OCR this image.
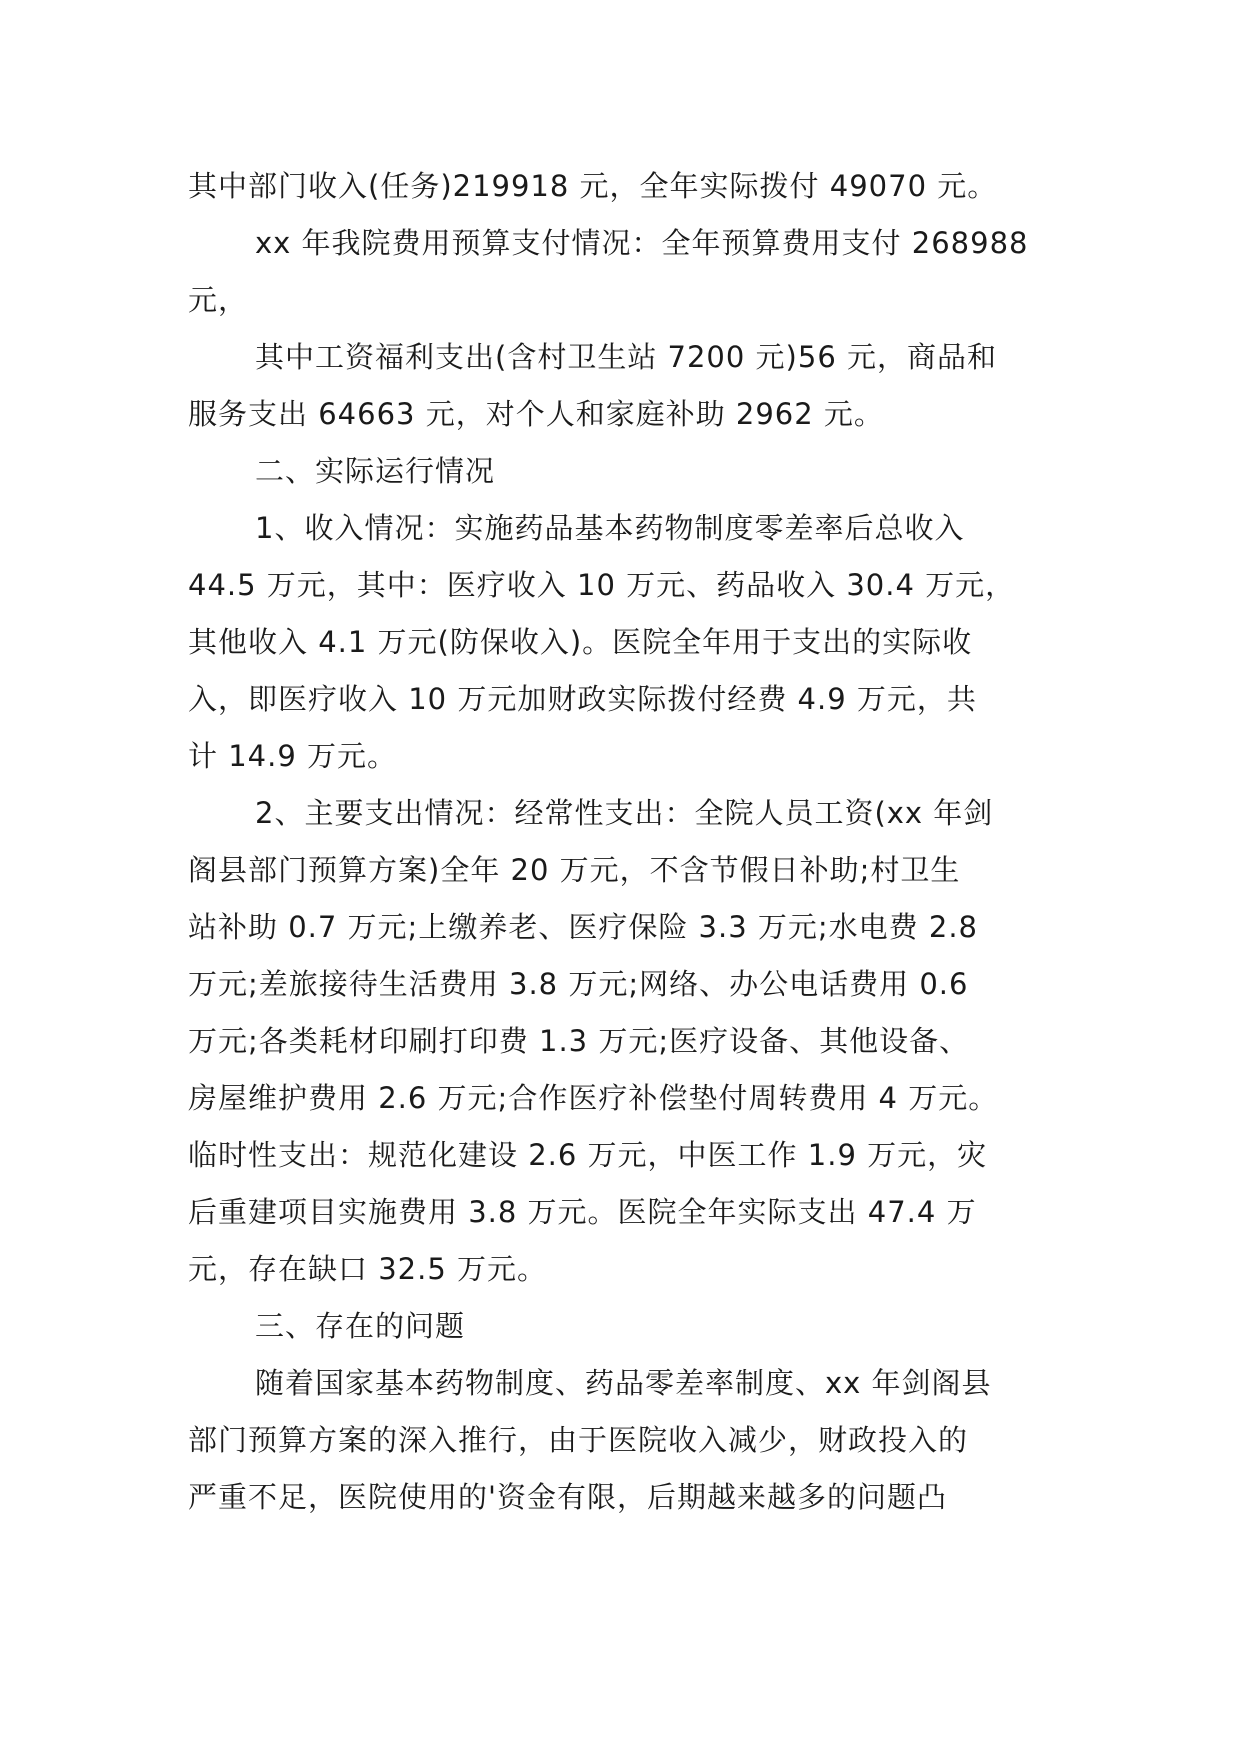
其中部门收入(任务)219918 元，全年实际拨付 49070 元。
xx 年我院费用预算支付情况：全年预算费用支付 268988
元，
其中工资福利支出(含村卫生站 7200 元)56 元，商品和
服务支出 64663 元，对个人和家庭补助 2962 元。
二、实际运行情况
1、收入情况：实施药品基本药物制度零差率后总收入
44.5 万元，其中：医疗收入 10 万元、药品收入 30.4 万元，
其他收入 4.1 万元(防保收入)。医院全年用于支出的实际收
入，即医疗收入 10 万元加财政实际拨付经费 4.9 万元，共
计 14.9 万元。
2、主要支出情况：经常性支出：全院人员工资(xx 年剑
阁县部门预算方案)全年 20 万元，不含节假日补助;村卫生
站补助 0.7 万元;上缴养老、医疗保险 3.3 万元;水电费 2.8
万元;差旅接待生活费用 3.8 万元;网络、办公电话费用 0.6
万元;各类耗材印刷打印费 1.3 万元;医疗设备、其他设备、
房屋维护费用 2.6 万元;合作医疗补偿垫付周转费用 4 万元。
临时性支出：规范化建设 2.6 万元，中医工作 1.9 万元，灾
后重建项目实施费用 3.8 万元。医院全年实际支出 47.4 万
元，存在缺口 32.5 万元。
三、存在的问题
随着国家基本药物制度、药品零差率制度、xx 年剑阁县
部门预算方案的深入推行，由于医院收入减少，财政投入的
严重不足，医院使用的'资金有限，后期越来越多的问题凸
